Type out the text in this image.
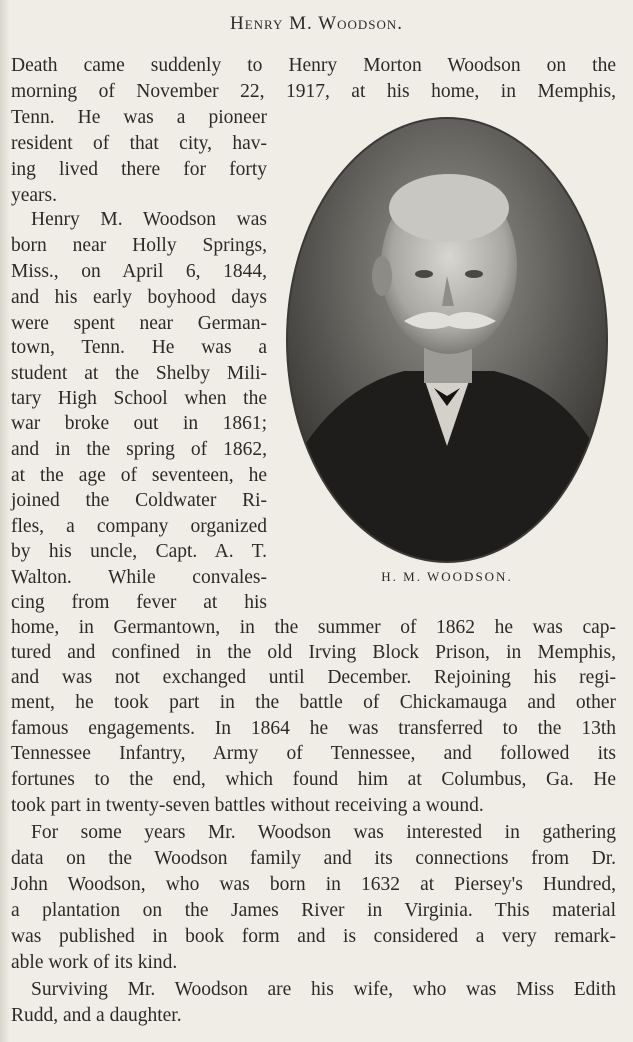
Henry M. Woodson.
Death came suddenly to Henry Morton Woodson on the
morning of November 22, 1917, at his home, in Memphis,
Tenn. He was a pioneer
resident of that city, hav-
ing lived there for forty
years.
Henry M. Woodson was
born near Holly Springs,
Miss., on April 6, 1844,
and his early boyhood days
were spent near German-
town, Tenn. He was a
student at the Shelby Mili-
tary High School when the
war broke out in 1861;
and in the spring of 1862,
at the age of seventeen, he
joined the Coldwater Ri-
fles, a company organized
by his uncle, Capt. A. T.
Walton. While convales-
cing from fever at his
home, in Germantown, in the summer of 1862 he was cap-
tured and confined in the old Irving Block Prison, in Memphis,
and was not exchanged until December. Rejoining his regi-
ment, he took part in the battle of Chickamauga and other
famous engagements. In 1864 he was transferred to the 13th
Tennessee Infantry, Army of Tennessee, and followed its
fortunes to the end, which found him at Columbus, Ga. He
took part in twenty-seven battles without receiving a wound.
For some years Mr. Woodson was interested in gathering
data on the Woodson family and its connections from Dr.
John Woodson, who was born in 1632 at Piersey's Hundred,
a plantation on the James River in Virginia. This material
was published in book form and is considered a very remark-
able work of its kind.
Surviving Mr. Woodson are his wife, who was Miss Edith
Rudd, and a daughter.
H. M. WOODSON.
